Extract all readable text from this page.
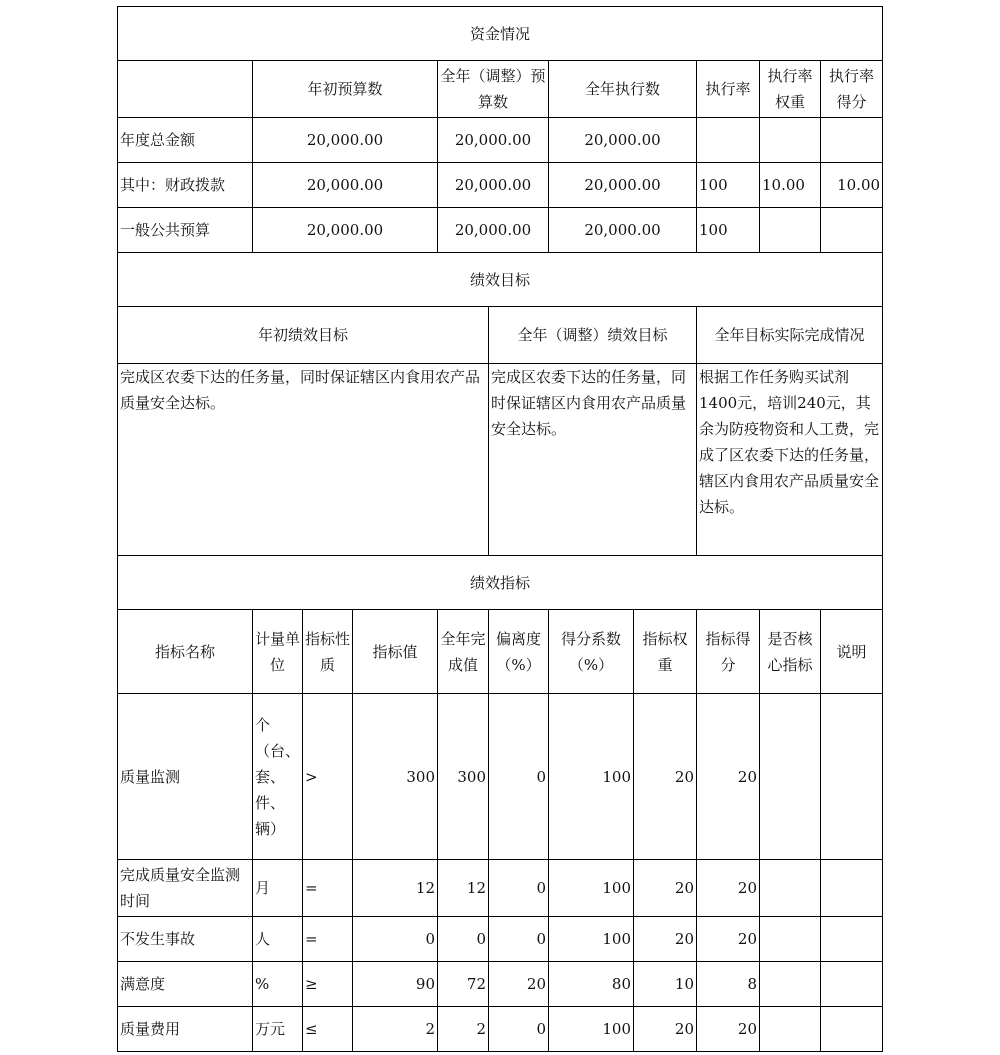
资金情况										
	年初预算数			全年（调整）预算数		全年执行数		执行率	执行率权重	执行率得分
年度总金额	20,000.00			20,000.00		20,000.00				
其中：财政拨款	20,000.00			20,000.00		20,000.00		100	10.00	10.00
一般公共预算	20,000.00			20,000.00		20,000.00		100		
绩效目标										
年初绩效目标					全年（调整）绩效目标			全年目标实际完成情况		
完成区农委下达的任务量，同时保证辖区内食用农产品质量安全达标。					完成区农委下达的任务量，同时保证辖区内食用农产品质量安全达标。			根据工作任务购买试剂1400元，培训240元，其余为防疫物资和人工费，完成了区农委下达的任务量，辖区内食用农产品质量安全达标。		
绩效指标										
指标名称	计量单位	指标性质	指标值	全年完成值	偏离度（%）	得分系数（%）	指标权重	指标得分	是否核心指标	说明
质量监测	个（台、套、件、辆）	>	300	300	0	100	20	20		
完成质量安全监测时间	月	=	12	12	0	100	20	20		
不发生事故	人	=	0	0	0	100	20	20		
满意度	%	≥	90	72	20	80	10	8		
质量费用	万元	≤	2	2	0	100	20	20		
